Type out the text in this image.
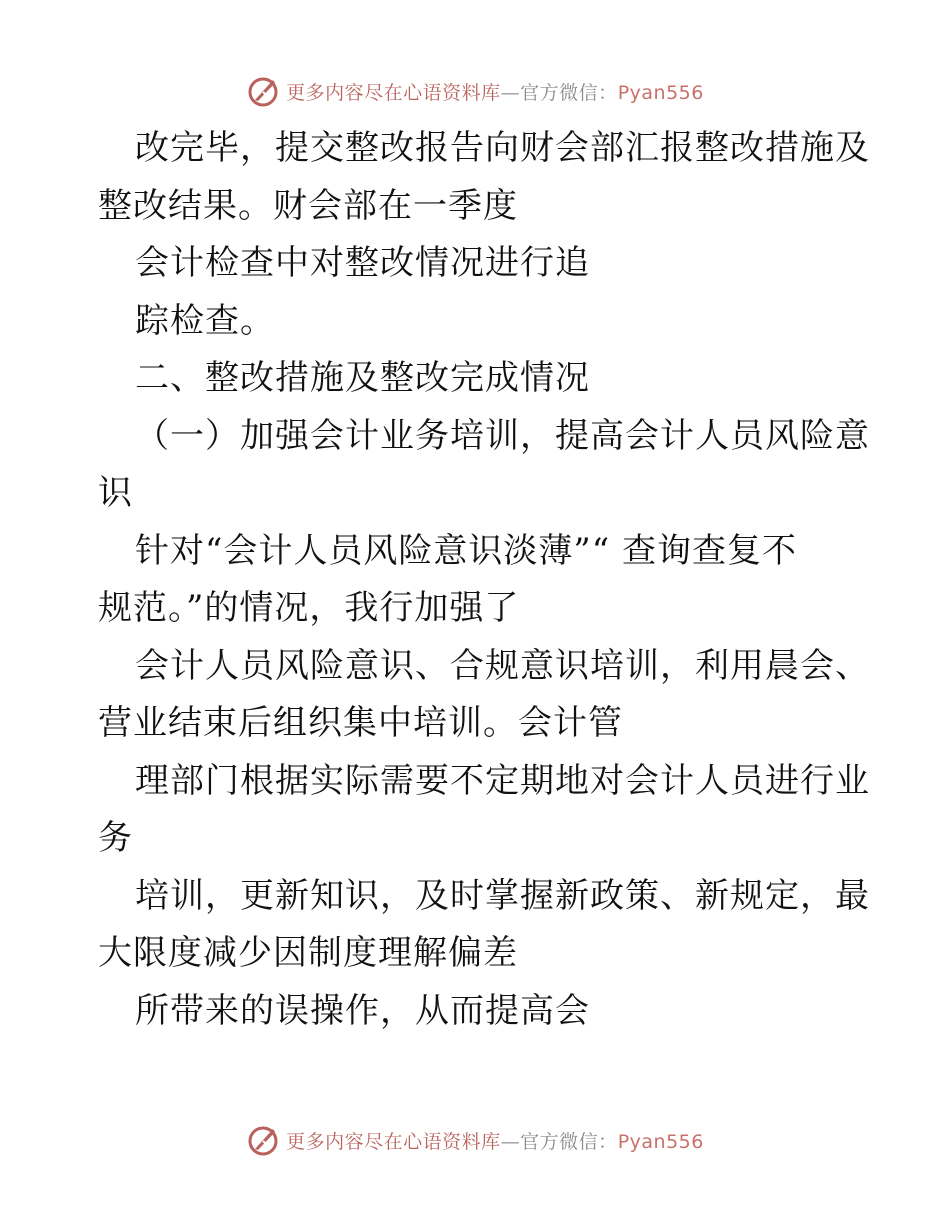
更多内容尽在心语资料库—官方微信：Pyan556
改完毕，提交整改报告向财会部汇报整改措施及
整改结果。财会部在一季度
会计检查中对整改情况进行追
踪检查。
二、整改措施及整改完成情况
（一）加强会计业务培训，提高会计人员风险意
识
针对“会计人员风险意识淡薄”“ 查询查复不
规范。”的情况，我行加强了
会计人员风险意识、合规意识培训，利用晨会、
营业结束后组织集中培训。会计管
理部门根据实际需要不定期地对会计人员进行业
务
培训，更新知识，及时掌握新政策、新规定，最
大限度减少因制度理解偏差
所带来的误操作，从而提高会
更多内容尽在心语资料库—官方微信：Pyan556
